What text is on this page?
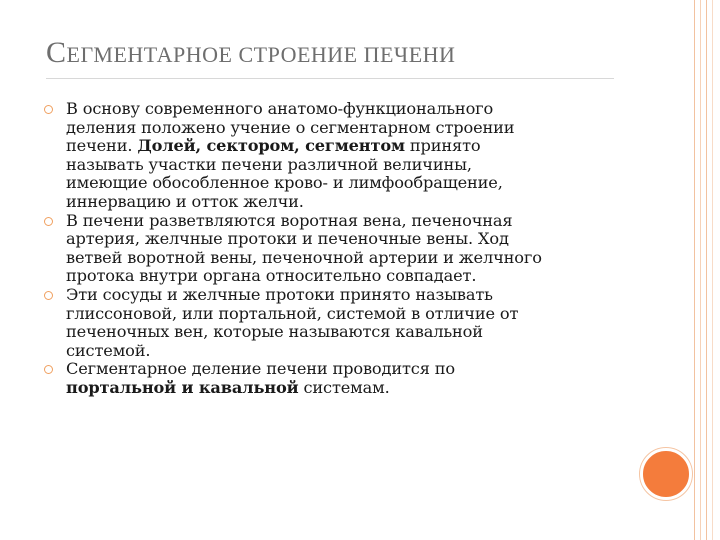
СЕГМЕНТАРНОЕ СТРОЕНИЕ ПЕЧЕНИ
В основу современного анатомо-функционального
деления положено учение о сегментарном строении
печени. Долей, сектором, сегментом принято
называть участки печени различной величины,
имеющие обособленное крово- и лимфообращение,
иннервацию и отток желчи.
В печени разветвляются воротная вена, печеночная
артерия, желчные протоки и печеночные вены. Ход
ветвей воротной вены, печеночной артерии и желчного
протока внутри органа относительно совпадает.
Эти сосуды и желчные протоки принято называть
глиссоновой, или портальной, системой в отличие от
печеночных вен, которые называются кавальной
системой.
Сегментарное деление печени проводится по
портальной и кавальной системам.
